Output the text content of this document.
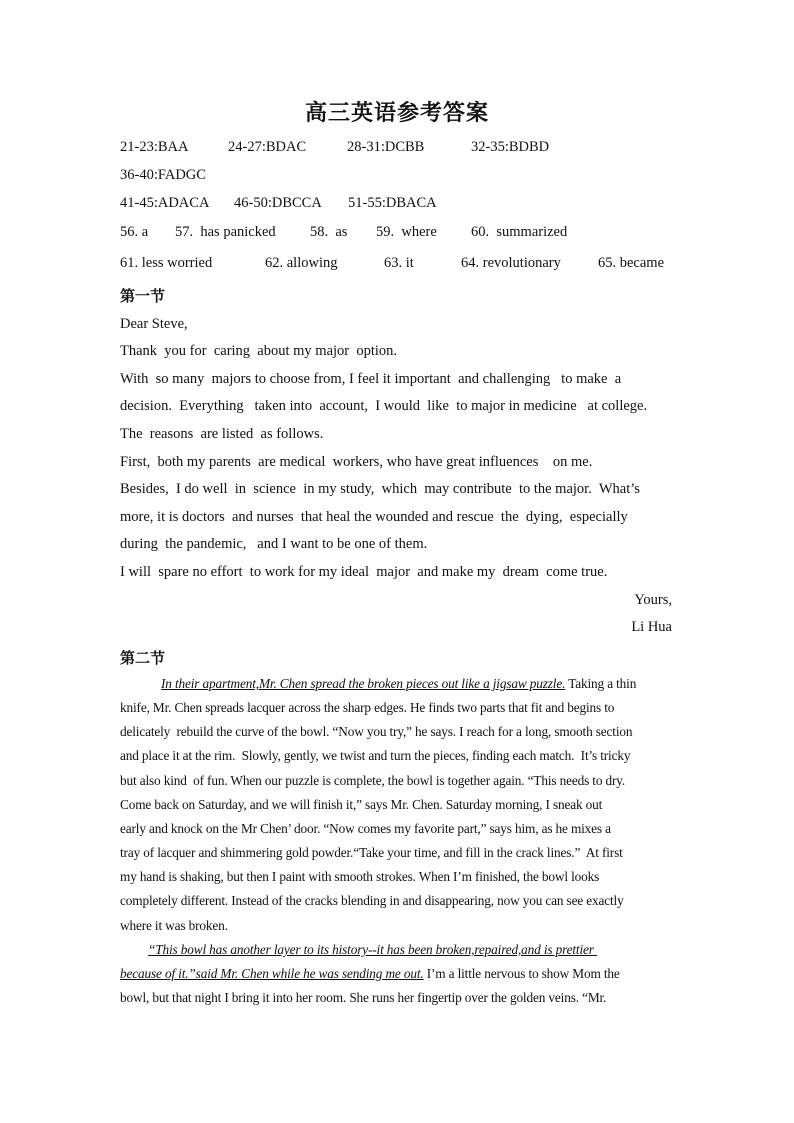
高三英语参考答案
21-23:BAA	24-27:BDAC	28-31:DCBB	32-35:BDBD
36-40:FADGC
41-45:ADACA 46-50:DBCCA 51-55:DBACA
56. a 57.  has panicked 58.  as 59.  where 60.  summarized
61. less worried	62. allowing	63. it	64. revolutionary	65. became
第一节
Dear Steve,
Thank  you for  caring  about my major  option.
With  so many  majors to choose from, I feel it important  and challenging   to make  a
decision.  Everything   taken into  account,  I would  like  to major in medicine   at college.
The  reasons  are listed  as follows.
First,  both my parents  are medical  workers, who have great influences    on me.
Besides,  I do well  in  science  in my study,  which  may contribute  to the major.  What’s
more, it is doctors  and nurses  that heal the wounded and rescue  the  dying,  especially
during  the pandemic,   and I want to be one of them.
I will  spare no effort  to work for my ideal  major  and make my  dream  come true.
Yours,
Li Hua
第二节
In their apartment,Mr. Chen spread the broken pieces out like a jigsaw puzzle. Taking a thin
knife, Mr. Chen spreads lacquer across the sharp edges. He finds two parts that fit and begins to
delicately  rebuild the curve of the bowl. “Now you try,” he says. I reach for a long, smooth section
and place it at the rim.  Slowly, gently, we twist and turn the pieces, finding each match.  It’s tricky
but also kind  of fun. When our puzzle is complete, the bowl is together again. “This needs to dry.
Come back on Saturday, and we will finish it,” says Mr. Chen. Saturday morning, I sneak out
early and knock on the Mr Chen’ door. “Now comes my favorite part,” says him, as he mixes a
tray of lacquer and shimmering gold powder.“Take your time, and fill in the crack lines.”  At first
my hand is shaking, but then I paint with smooth strokes. When I’m finished, the bowl looks
completely different. Instead of the cracks blending in and disappearing, now you can see exactly
where it was broken.
“This bowl has another layer to its history--it has been broken,repaired,and is prettier
because of it.”said Mr. Chen while he was sending me out. I’m a little nervous to show Mom the
bowl, but that night I bring it into her room. She runs her fingertip over the golden veins. “Mr.
